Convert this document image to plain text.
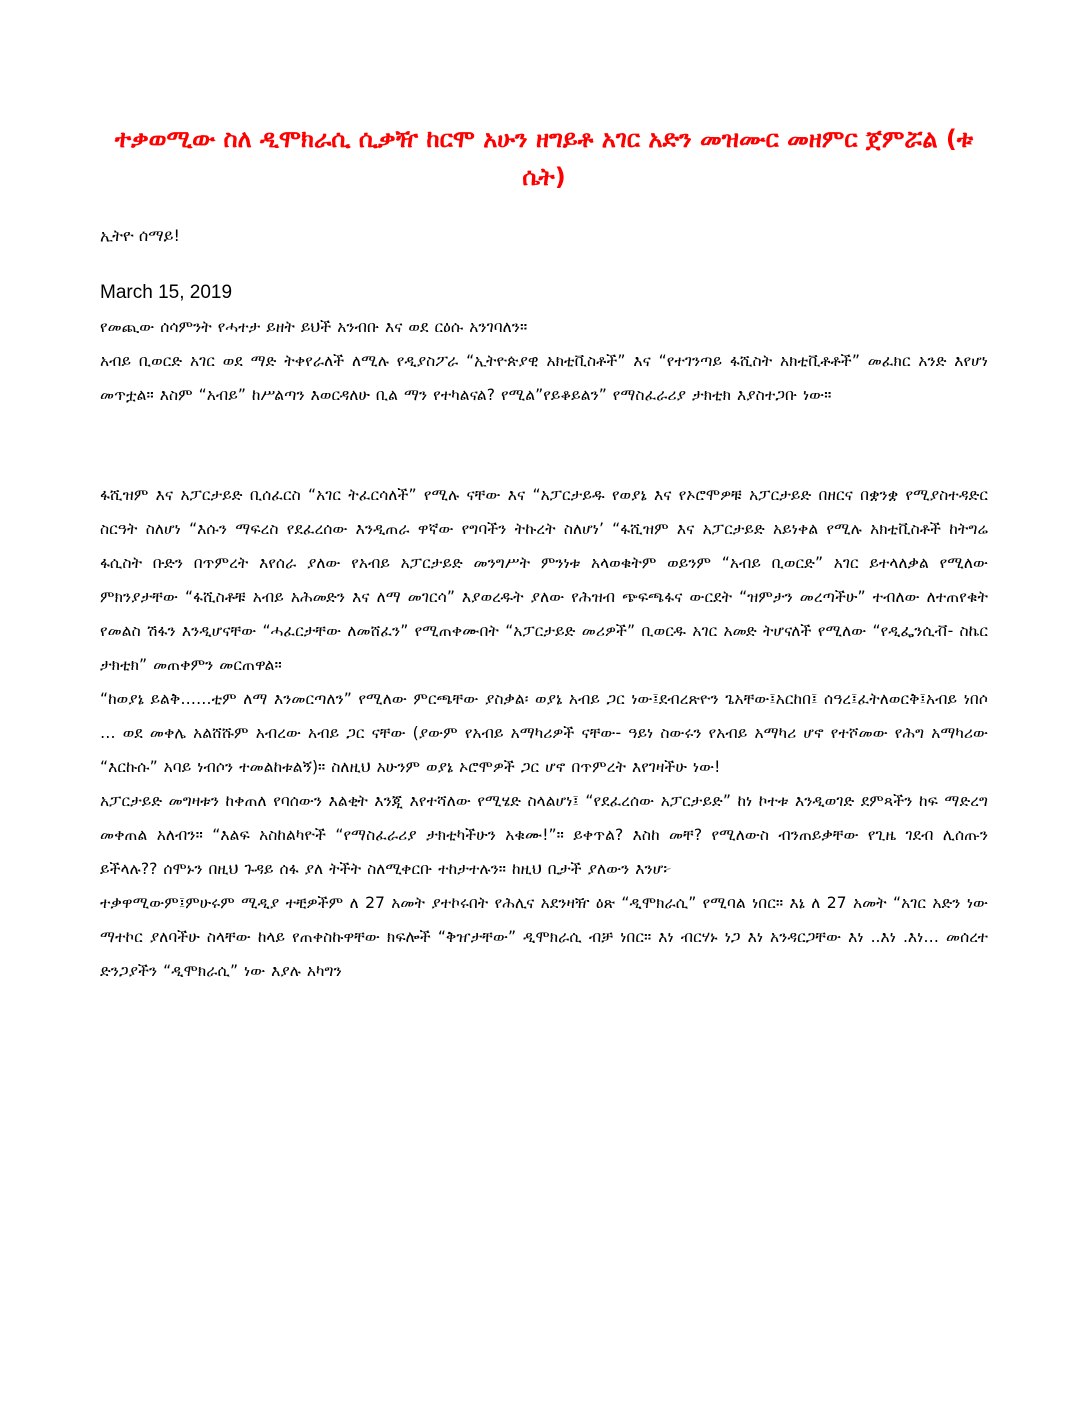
ተቃወሚው ስለ ዲሞክራሲ ሲቃዥ ከርሞ አሁን ዘግይቶ አገር አድን መዝሙር መዘምር ጀምሯል (ቱ ሴት)
ኢትዮ ሰማይ!
March 15, 2019

የመጪው ሰሳምንት የሓተታ ይዘት ይህች አንብቡ እና ወደ ርዕሱ አንገባለን።

አብይ ቢወርድ አገር ወደ ማድ ትቀየራለች ለሚሉ የዲያስፖራ “ኢትዮጵያዊ አክቲቪስቶች” እና “የተገንጣይ ፋሺስት አክቲቪቶቶች” መፈክር አንድ እየሆነ መጥቷል። እስም “አብይ” ከሥልጣን እወርዳለሁ ቢል ማን የተካልናል? የሚል”የይቆይልን” የማስፈራሪያ ታክቲክ እያስተጋቡ ነው።

ፋሺዝም እና አፓርታይድ ቢሰፈርስ “አገር ትፈርሳለች” የሚሉ ናቸው እና “አፓርታይዱ የወያኔ እና የኦሮሞዎቹ አፓርታይድ በዘርና በቋንቋ የሚያስተዳድር ስርዓት ስለሆነ “እሱን ማፍረስ የደፈረሰው እንዲጠራ ዋኛው የግባችን ትኩረት ስለሆነ’ “ፋሺዝም እና አፓርታይድ አይነቀል የሚሉ አክቲቪስቶች ከትግሬ ፋሲስት ቡድን በጥምረት እየሰራ ያለው የአብይ አፓርታይድ መንግሥት ምንነቱ አላወቁትም ወይንም “አብይ ቢወርድ” አገር ይተላለቃል የሚለው ምክንያታቸው “ፋሺስቶቹ አብይ አሕመድን እና ለማ መገርሳ” እያወረዱት ያለው የሕዝብ ጭፍጫፋና ውርደት “ዝምታን መረጣችሁ” ተብለው ለተጠየቁት የመልስ ሽፋን እንዲሆናቸው “ሓፈርታቸው ለመሸፈን” የሚጠቀሙበት “አፓርታይድ መሪዎች” ቢወርዱ አገር አመድ ትሆናለች የሚለው “የዲፌንሲቭ- ስኬር ታክቲክ” መጠቀምን መርጠዋል።

“ከወያኔ ይልቅ……ቲም ለማ እንመርጣለን” የሚለው ምርጫቸው ያስቃል፡ ወያኔ አብይ ጋር ነው፤ደብረጽዮን ጌአቸው፤አርከበ፤ ሰዓረ፤ፈትለወርቅ፤አብይ ነበሶ … ወደ መቀሌ አልሸሹም አብረው አብይ ጋር ናቸው (ያውም የአብይ አማካሪዎች ናቸው- ዓይነ ስውሩን የአብይ አማካሪ ሆኖ የተሾመው የሕግ አማካሪው “እርኩሱ” አባይ ነብሶን ተመልከቱልኝ)። ስለዚህ አሁንም ወያኔ ኦሮሞዎች ጋር ሆኖ በጥምረት እየገዛችሁ ነው!

አፓርታይድ መግዛቱን ከቀጠለ የባሰውን እልቂት እንጂ እየተሻለው የሚሄድ ስላልሆነ፤ “የደፈረሰው አፓርታይድ” ከነ ኮተቱ እንዲወገድ ደምጻችን ከፍ ማድረግ መቀጠል አለብን። “እልፍ አስከልካዮች “የማስፈራሪያ ታክቲካችሁን አቁሙ!”። ይቀጥል? እስከ መቸ? የሚለውስ ብንጠይቃቸው የጊዜ ገደብ ሊሰጡን ይችላሉ?? ሰሞኑን በዚህ ጉዳይ ሰፋ ያለ ትችት ስለሚቀርቡ ተከታተሉን። ከዚህ ቢታች ያለውን እንሆ፦

ተቃዋሚውም፤ምሁሩም ሚዲያ ተቺዎችም ለ 27 አመት ያተኮሩበት የሕሊና አደንዛዥ ዕጽ “ዲሞክራሲ” የሚባል ነበር። እኔ ለ 27 አመት “አገር አድን ነው ማተኮር ያለባችሁ ስላቸው ከላይ የጠቀስኩዋቸው ክፍሎች “ቅዠታቸው” ዲሞክራሲ ብቻ ነበር። እነ ብርሃኑ ነጋ እነ አንዳርጋቸው እነ ..እነ .እነ… መሰረተ ድንጋያችን “ዲሞክራሲ” ነው እያሉ አካግን
